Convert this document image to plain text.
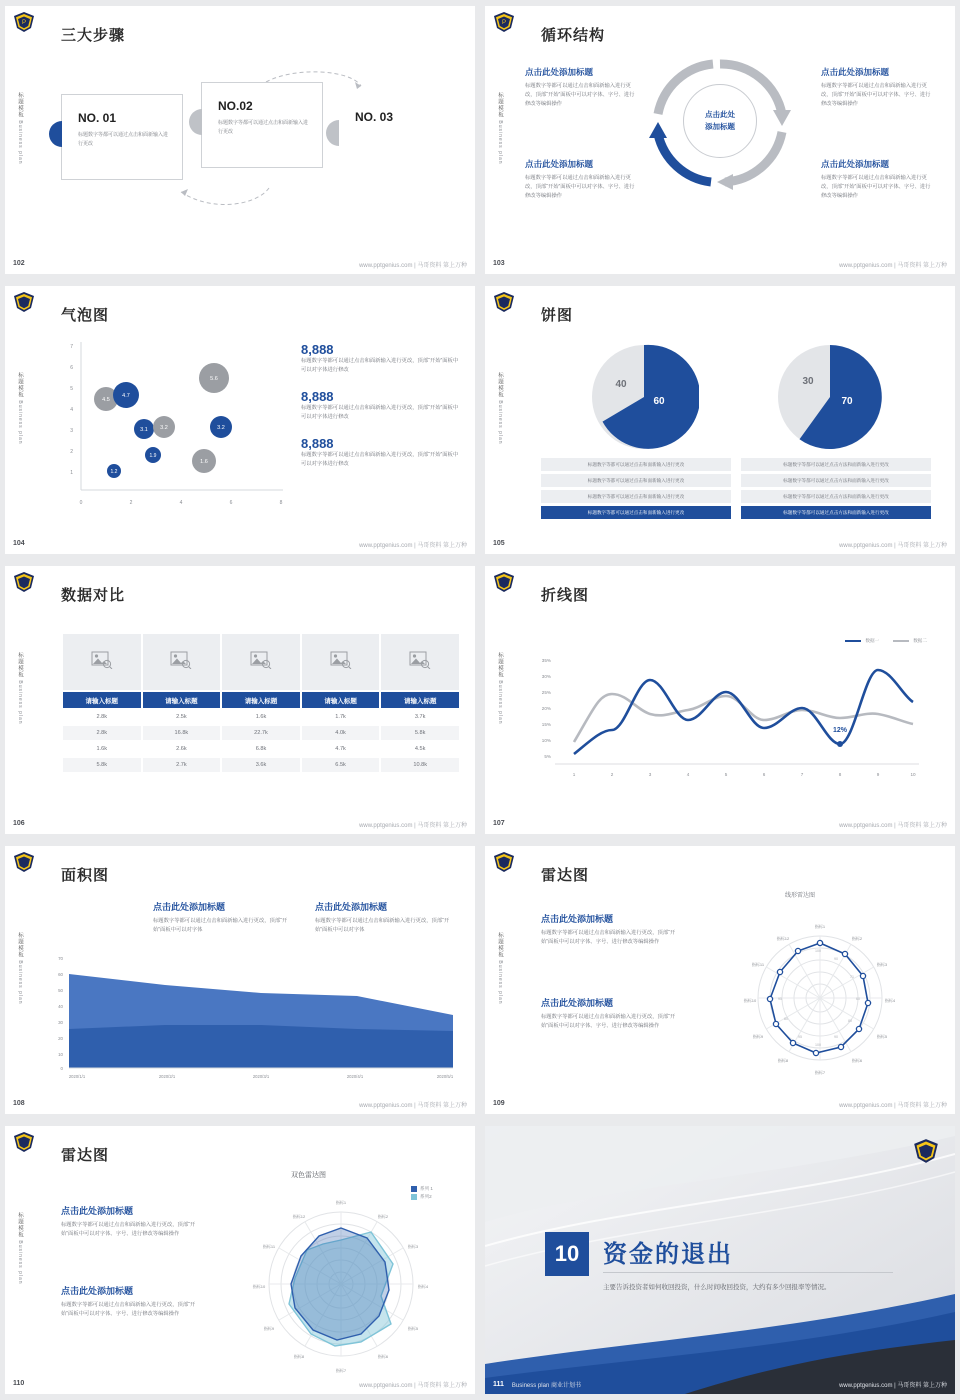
P
标题模板 Business plan
三大步骤
NO. 01
标题数字等都可以通过点击和面新输入进行更改
NO.02
标题数字等都可以通过点击和面新输入进行更改
NO. 03
102	www.pptgenius.com | 马哥资料 第上万种
P
标题模板 Business plan
循环结构
点击此处
添加标题
点击此处添加标题

标题数字等都可以通过点击和面新输入进行更改，顶部“开始”面板中可以对字体、字号、进行修改等编辑操作

点击此处添加标题

标题数字等都可以通过点击和面新输入进行更改，顶部“开始”面板中可以对字体、字号、进行修改等编辑操作

点击此处添加标题

标题数字等都可以通过点击和面新输入进行更改，顶部“开始”面板中可以对字体、字号、进行修改等编辑操作

点击此处添加标题

标题数字等都可以通过点击和面新输入进行更改，顶部“开始”面板中可以对字体、字号、进行修改等编辑操作

103	www.pptgenius.com | 马哥资料 第上万种
标题模板 Business plan
气泡图
7
6
5
4
3
2
1
0	2	4	6	8
4.5
4.7
3.1 3.2
1.9
1.2
5.6
3.2
1.6
8,888

标题数字等都可以通过点击和面新输入进行更改，顶部“开始”面板中可以对字体进行修改

8,888

标题数字等都可以通过点击和面新输入进行更改，顶部“开始”面板中可以对字体进行修改

8,888

标题数字等都可以通过点击和面新输入进行更改，顶部“开始”面板中可以对字体进行修改

104	www.pptgenius.com | 马哥资料 第上万种
标题模板 Business plan
饼图
60
40
70
30
标题数字等都可以通过点击和面新输入进行更改
标题数字等都可以通过点击和面新输入进行更改
标题数字等都可以通过点击和面新输入进行更改
标题数字等都可以通过点击和面新输入进行更改
标题数字等都可以通过点击方法和面新输入进行更改
标题数字等都可以通过点击方法和面新输入进行更改
标题数字等都可以通过点击方法和面新输入进行更改
标题数字等都可以通过点击方法和面新输入进行更改
105	www.pptgenius.com | 马哥资料 第上万种
标题模板 Business plan
数据对比

请输入标题	请输入标题	请输入标题	请输入标题	请输入标题
2.8k	2.5k	1.6k	1.7k	3.7k
2.8k	16.8k	22.7k	4.0k	5.8k
1.6k	2.6k	6.8k	4.7k	4.5k
5.8k	2.7k	3.6k	6.5k	10.8k
106	www.pptgenius.com | 马哥资料 第上万种
标题模板 Business plan
折线图
数据一	数据二
35%
30%
25%
20%
15%
10%
5%
1	2	3	4	5	6	7	8	9	10
12%
107	www.pptgenius.com | 马哥资料 第上万种
标题模板 Business plan
面积图
点击此处添加标题

标题数字等都可以通过点击和面新输入进行更改，顶部“开始”面板中可以对字体

点击此处添加标题

标题数字等都可以通过点击和面新输入进行更改，顶部“开始”面板中可以对字体

70
60
50
40
30
20
10
0
2020/1/1	2020/2/1	2020/3/1	2020/4/1	2020/5/1
108	www.pptgenius.com | 马哥资料 第上万种
标题模板 Business plan
雷达图
点击此处添加标题

标题数字等都可以通过点击和面新输入进行更改，顶部“开始”面板中可以对字体、字号、进行修改等编辑操作

点击此处添加标题

标题数字等都可以通过点击和面新输入进行更改，顶部“开始”面板中可以对字体、字号、进行修改等编辑操作

线形雷达图
指标1
指标2
指标3
指标4
指标5
指标6
指标7
指标8
指标9
指标10
指标11
指标12
100
90
71
60
80
90
100
95
80
95
109	www.pptgenius.com | 马哥资料 第上万种
标题模板 Business plan
雷达图
点击此处添加标题

标题数字等都可以通过点击和面新输入进行更改，顶部“开始”面板中可以对字体、字号、进行修改等编辑操作

点击此处添加标题

标题数字等都可以通过点击和面新输入进行更改，顶部“开始”面板中可以对字体、字号、进行修改等编辑操作

双色雷达图
系列 1
系列2
指标1
指标2
指标3
指标4
指标5
指标6
指标7
指标8
指标9
指标10
指标11
指标12
110	www.pptgenius.com | 马哥资料 第上万种
10 资金的退出
主要告诉投资者如何收回投资，什么时间收回投资，大约有多少回报率等情况。
111 Business plan 商业计划书	www.pptgenius.com | 马哥资料 第上万种
